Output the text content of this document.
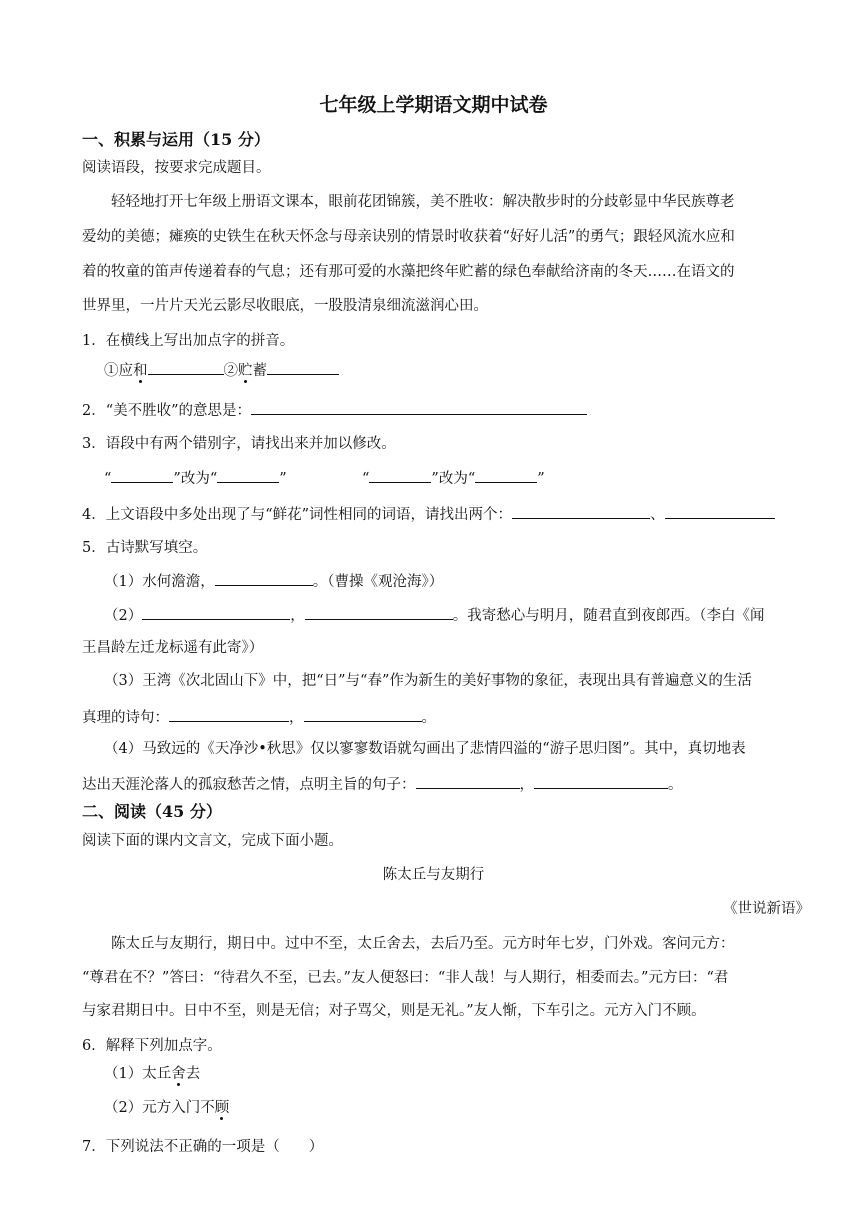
七年级上学期语文期中试卷
一、积累与运用（15 分）
阅读语段，按要求完成题目。
轻轻地打开七年级上册语文课本，眼前花团锦簇，美不胜收：解决散步时的分歧彰显中华民族尊老
爱幼的美德；瘫痪的史铁生在秋天怀念与母亲诀别的情景时收获着“好好儿活”的勇气；跟轻风流水应和
着的牧童的笛声传递着春的气息；还有那可爱的水藻把终年贮蓄的绿色奉献给济南的冬天……在语文的
世界里，一片片天光云影尽收眼底，一股股清泉细流滋润心田。
1．在横线上写出加点字的拼音。
①应和	②贮蓄
2．“美不胜收”的意思是：
3．语段中有两个错别字，请找出来并加以修改。
“	”改为“	”	“	”改为“	”
4．上文语段中多处出现了与“鲜花”词性相同的词语，请找出两个：	、
5．古诗默写填空。
（1）水何澹澹，	。（曹操《观沧海》）
（2）	，	。我寄愁心与明月，随君直到夜郎西。（李白《闻
王昌龄左迁龙标遥有此寄》）
（3）王湾《次北固山下》中，把“日”与“春”作为新生的美好事物的象征，表现出具有普遍意义的生活
真理的诗句：	，	。
（4）马致远的《天净沙•秋思》仅以寥寥数语就勾画出了悲情四溢的“游子思归图”。其中，真切地表
达出天涯沦落人的孤寂愁苦之情，点明主旨的句子：	，	。
二、阅读（45 分）
阅读下面的课内文言文，完成下面小题。
陈太丘与友期行
《世说新语》
陈太丘与友期行，期日中。过中不至，太丘舍去，去后乃至。元方时年七岁，门外戏。客问元方：
“尊君在不？”答曰：“待君久不至，已去。”友人便怒曰：“非人哉！与人期行，相委而去。”元方曰：“君
与家君期日中。日中不至，则是无信；对子骂父，则是无礼。”友人惭，下车引之。元方入门不顾。
6．解释下列加点字。
（1）太丘舍去
（2）元方入门不顾
7．下列说法不正确的一项是（　　）
